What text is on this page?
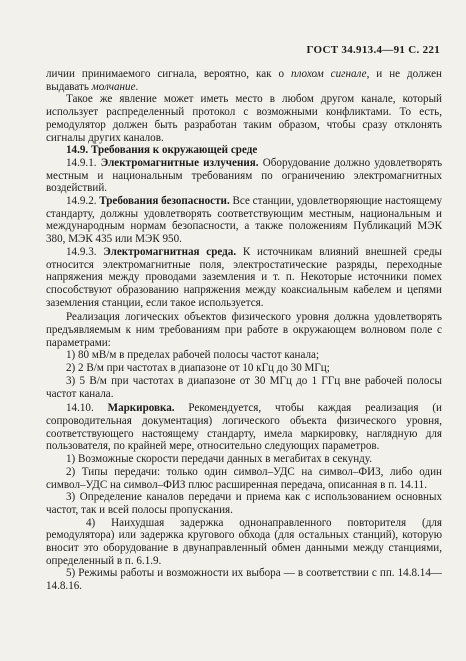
ГОСТ 34.913.4—91 С. 221

личии принимаемого сигнала, вероятно, как о плохом сигнале, и не должен выдавать молчание.

Такое же явление может иметь место в любом другом канале, который использует распределенный протокол с возможными конфликтами. То есть, ремодулятор должен быть разработан таким образом, чтобы сразу отклонять сигналы других каналов.

14.9. Требования к окружающей среде

14.9.1. Электромагнитные излучения. Оборудование должно удовлетворять местным и национальным требованиям по ограничению электромагнитных воздействий.

14.9.2. Требования безопасности. Все станции, удовлетворяющие настоящему стандарту, должны удовлетворять соответствующим местным, национальным и международным нормам безопасности, а также положениям Публикаций МЭК 380, МЭК 435 или МЭК 950.

14.9.3. Электромагнитная среда. К источникам влияний внешней среды относится электромагнитные поля, электростатические разряды, переходные напряжения между проводами заземления и т. п. Некоторые источники помех способствуют образованию напряжения между коаксиальным кабелем и цепями заземления станции, если такое используется.

Реализация логических объектов физического уровня должна удовлетворять предъявляемым к ним требованиям при работе в окружающем волновом поле с параметрами:

1) 80 мВ/м в пределах рабочей полосы частот канала;

2) 2 В/м при частотах в диапазоне от 10 кГц до 30 МГц;

3) 5 В/м при частотах в диапазоне от 30 МГц до 1 ГГц вне рабочей полосы частот канала.

14.10. Маркировка. Рекомендуется, чтобы каждая реализация (и сопроводительная документация) логического объекта физического уровня, соответствующего настоящему стандарту, имела маркировку, наглядную для пользователя, по крайней мере, относительно следующих параметров.

1) Возможные скорости передачи данных в мегабитах в секунду.

2) Типы передачи: только один символ–УДС на символ–ФИЗ, либо один символ–УДС на символ–ФИЗ плюс расширенная передача, описанная в п. 14.11.

3) Определение каналов передачи и приема как с использованием основных частот, так и всей полосы пропускания.

4) Наихудшая задержка однонаправленного повторителя (для ремодулятора) или задержка кругового обхода (для остальных станций), которую вносит это оборудование в двунаправленный обмен данными между станциями, определенный в п. 6.1.9.

5) Режимы работы и возможности их выбора — в соответствии с пп. 14.8.14—14.8.16.
